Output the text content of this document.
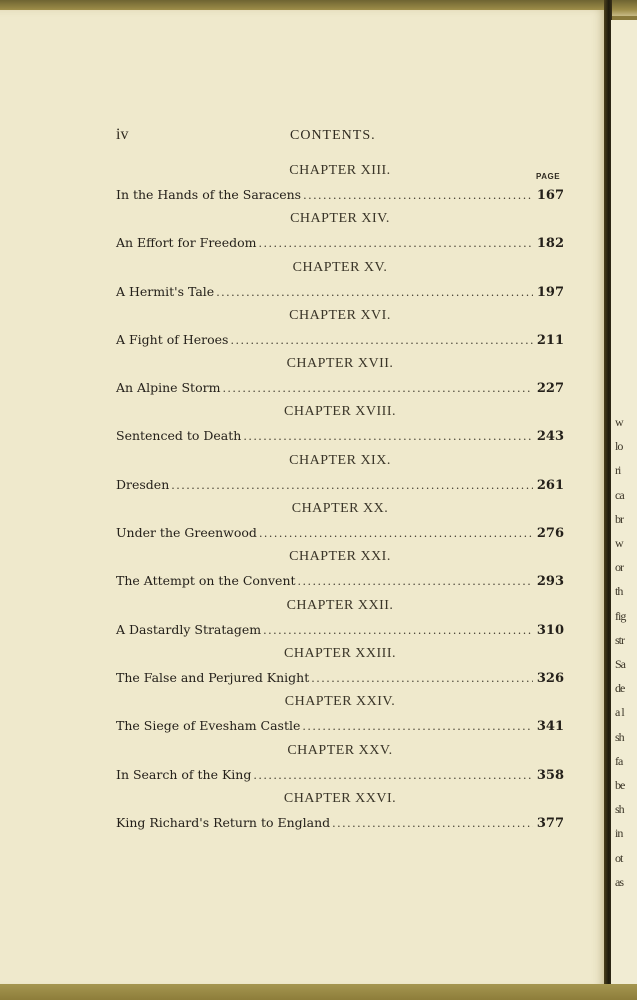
iv	CONTENTS.
PAGE
CHAPTER XIII.
In the Hands of the Saracens . . .	167
CHAPTER XIV.
An Effort for Freedom . . .	182
CHAPTER XV.
A Hermit's Tale . . .	197
CHAPTER XVI.
A Fight of Heroes . . .	211
CHAPTER XVII.
An Alpine Storm . . .	227
CHAPTER XVIII.
Sentenced to Death . . .	243
CHAPTER XIX.
Dresden . . .	261
CHAPTER XX.
Under the Greenwood . . .	276
CHAPTER XXI.
The Attempt on the Convent . . .	293
CHAPTER XXII.
A Dastardly Stratagem . . .	310
CHAPTER XXIII.
The False and Perjured Knight . . .	326
CHAPTER XXIV.
The Siege of Evesham Castle . . .	341
CHAPTER XXV.
In Search of the King . . .	358
CHAPTER XXVI.
King Richard's Return to England . . .	377
w
lo
ri
ca
br
w
or
th
fig
str
Sa
de
a l
sh
fa
be
sh
in
ot
as
